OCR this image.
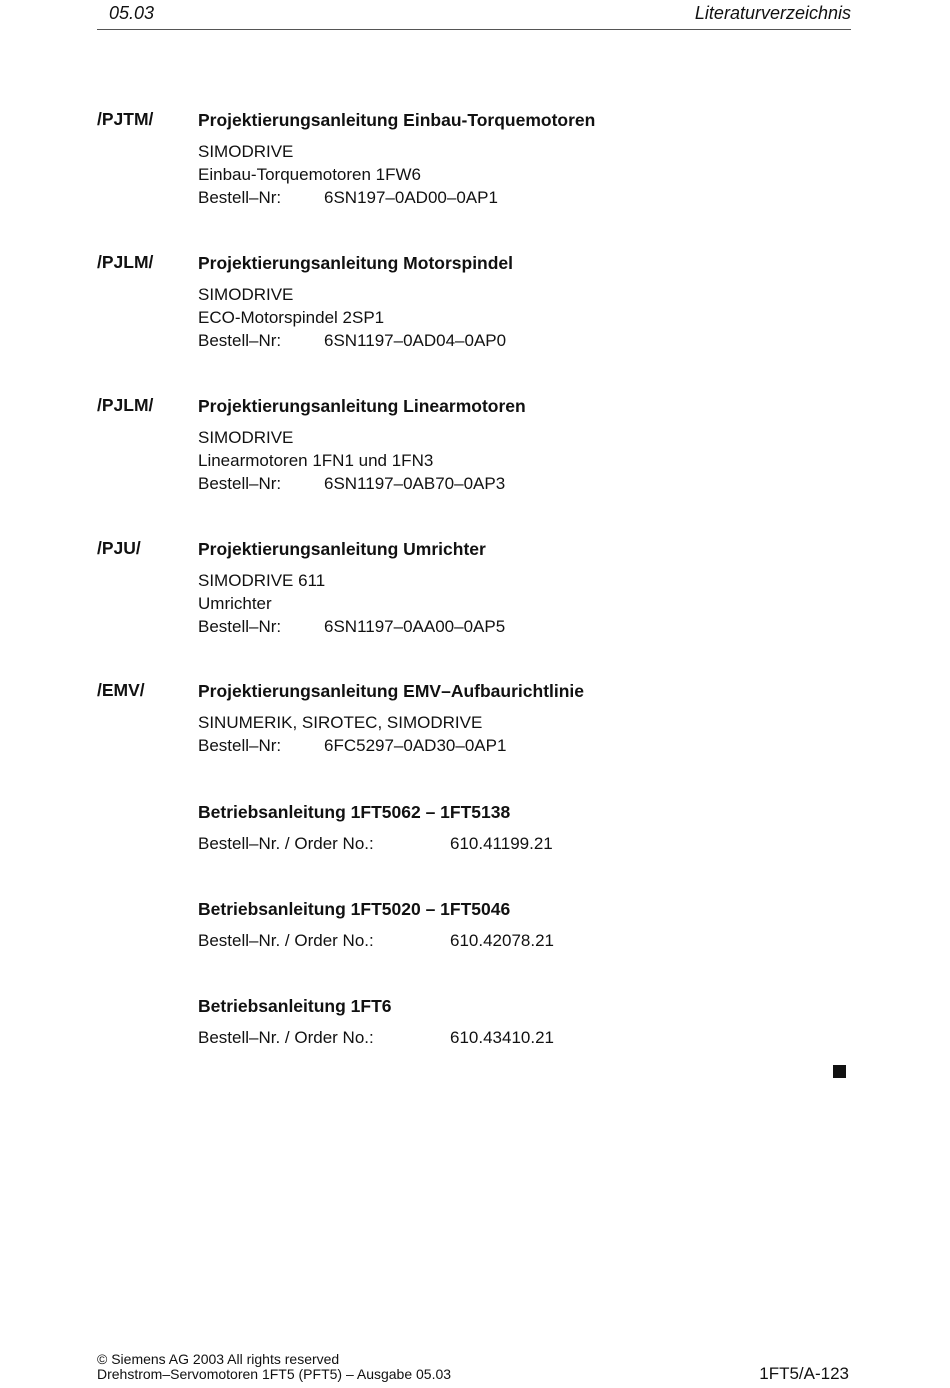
05.03	Literaturverzeichnis
/PJTM/	Projektierungsanleitung Einbau-Torquemotoren
SIMODRIVE
Einbau-Torquemotoren 1FW6
Bestell–Nr:	6SN197–0AD00–0AP1
/PJLM/	Projektierungsanleitung Motorspindel
SIMODRIVE
ECO-Motorspindel 2SP1
Bestell–Nr:	6SN1197–0AD04–0AP0
/PJLM/	Projektierungsanleitung Linearmotoren
SIMODRIVE
Linearmotoren 1FN1 und 1FN3
Bestell–Nr:	6SN1197–0AB70–0AP3
/PJU/	Projektierungsanleitung Umrichter
SIMODRIVE 611
Umrichter
Bestell–Nr:	6SN1197–0AA00–0AP5
/EMV/	Projektierungsanleitung EMV–Aufbaurichtlinie
SINUMERIK, SIROTEC, SIMODRIVE
Bestell–Nr:	6FC5297–0AD30–0AP1
Betriebsanleitung 1FT5062 – 1FT5138
Bestell–Nr. / Order No.:	610.41199.21
Betriebsanleitung 1FT5020 – 1FT5046
Bestell–Nr. / Order No.:	610.42078.21
Betriebsanleitung 1FT6
Bestell–Nr. / Order No.:	610.43410.21
© Siemens AG 2003 All rights reserved
Drehstrom–Servomotoren 1FT5 (PFT5) – Ausgabe 05.03	1FT5/A-123
